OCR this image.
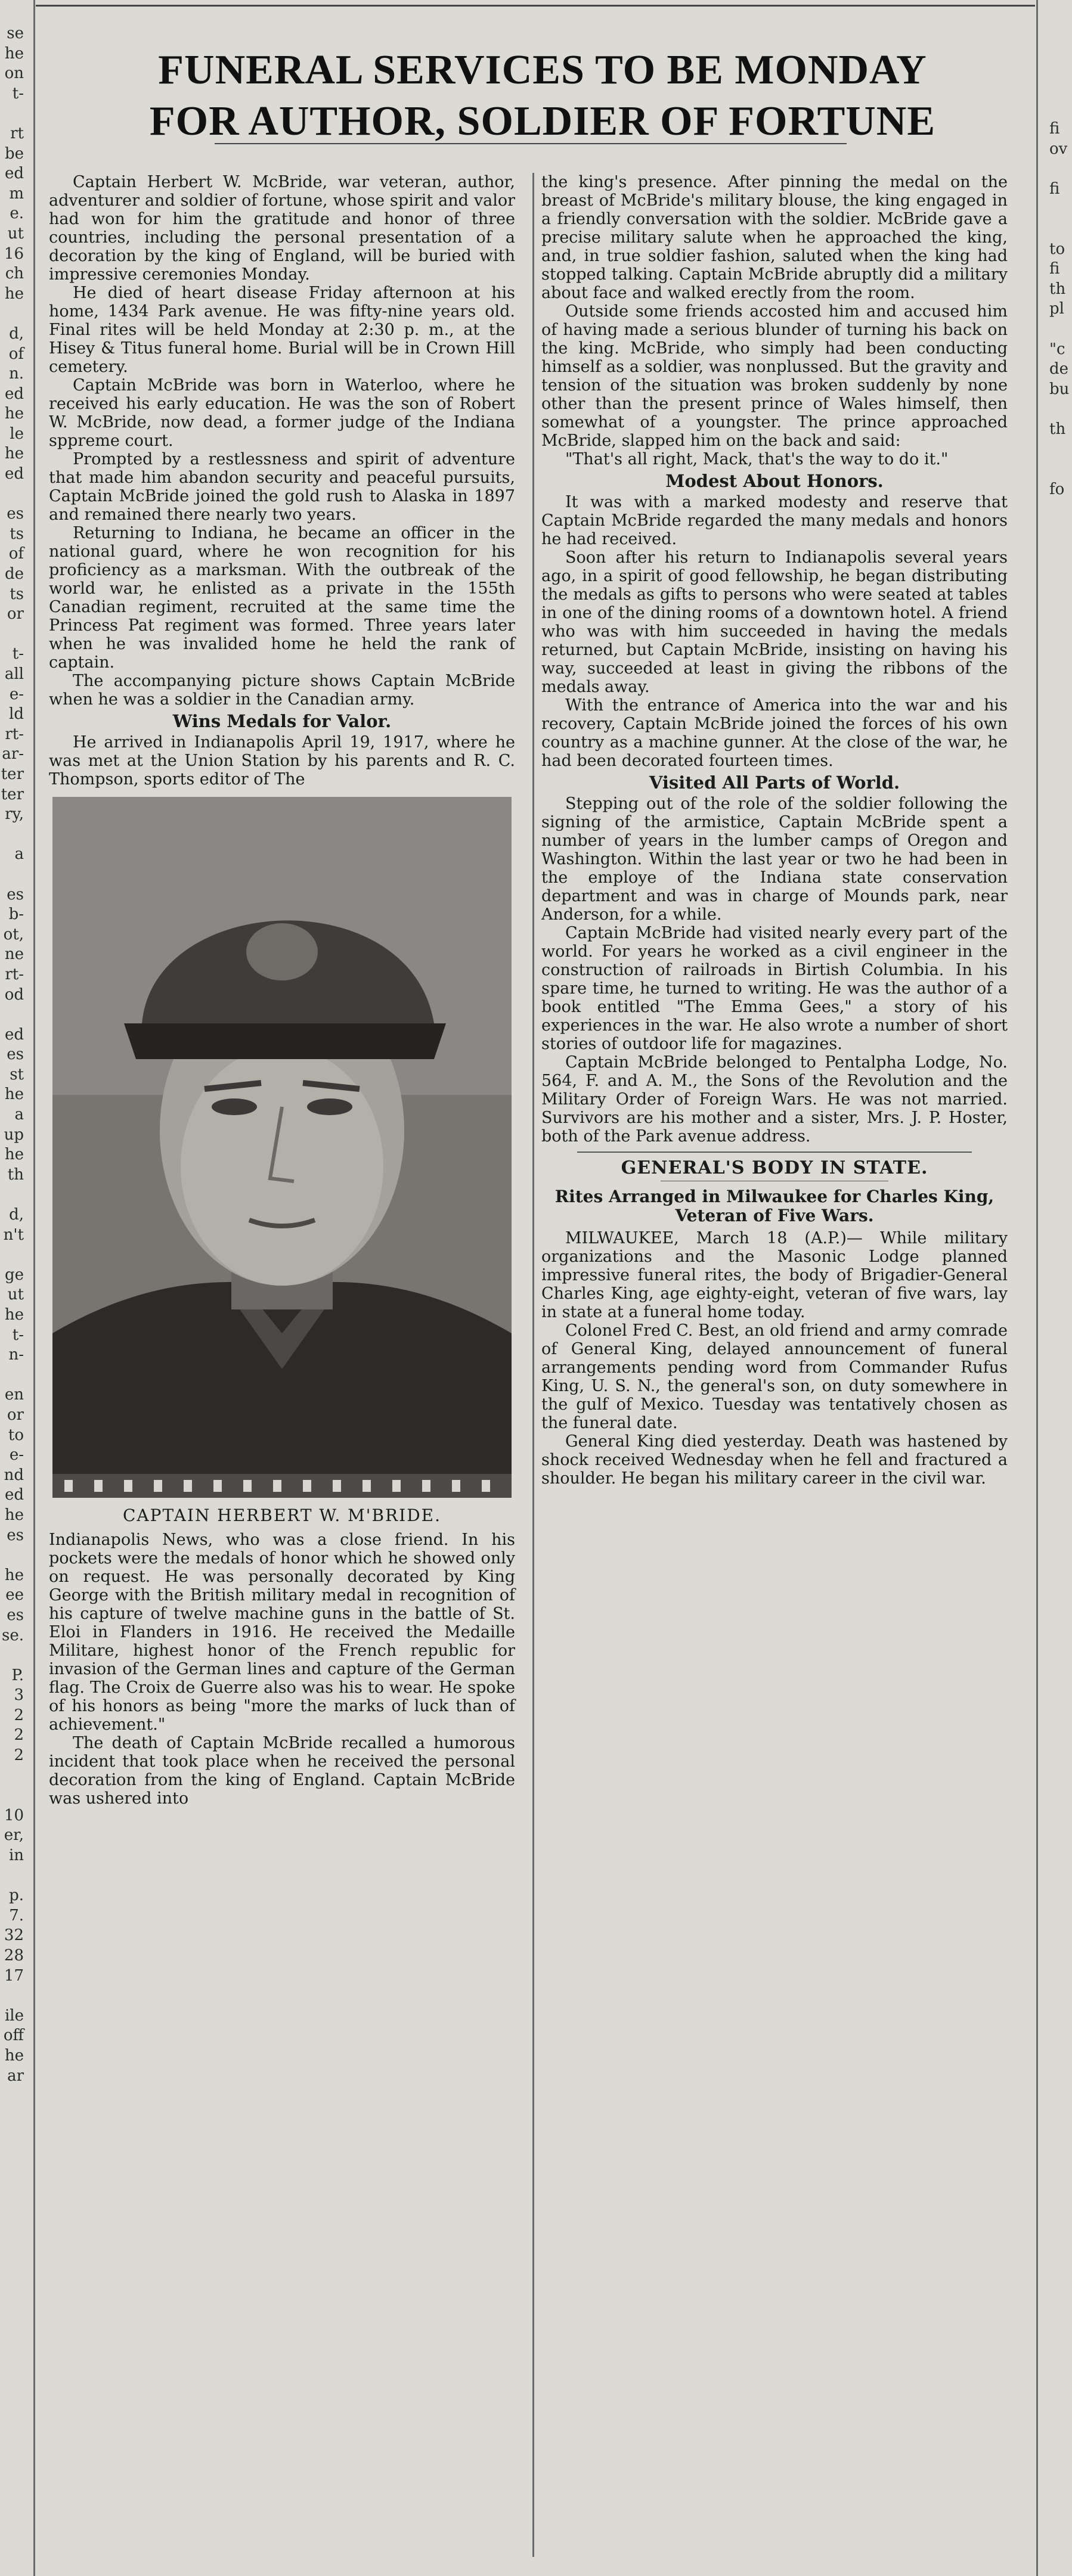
se
he
on
t-

rt
be
ed
m
e.
ut
16
ch
he

d,
of
n.
ed
he
le
he
ed

es
ts
of
de
ts
or

t-
all
e-
ld
rt-
ar-
ter
ter
ry,

a

es
b-
ot,
ne
rt-
od

ed
es
st
he
a
up
he
th

d,
n't

ge
ut
he
t-
n-

en
or
to
e-
nd
ed
he
es

he
ee
es
se.

P.
3
2
2
2

10
er,
in

p.
7.
32
28
17

ile
off
he
ar
fi
ov

fi

to
fi
th
pl

"c
de
bu

th

fo
FUNERAL SERVICES TO BE MONDAY
FOR AUTHOR, SOLDIER OF FORTUNE

Captain Herbert W. McBride, war veteran, author, adventurer and soldier of fortune, whose spirit and valor had won for him the gratitude and honor of three countries, including the personal presentation of a decoration by the king of England, will be buried with impressive ceremonies Monday.

He died of heart disease Friday afternoon at his home, 1434 Park avenue. He was fifty-nine years old. Final rites will be held Monday at 2:30 p. m., at the Hisey & Titus funeral home. Burial will be in Crown Hill cemetery.

Captain McBride was born in Waterloo, where he received his early education. He was the son of Robert W. McBride, now dead, a former judge of the Indiana sppreme court.

Prompted by a restlessness and spirit of adventure that made him abandon security and peaceful pursuits, Captain McBride joined the gold rush to Alaska in 1897 and remained there nearly two years.

Returning to Indiana, he became an officer in the national guard, where he won recognition for his proficiency as a marksman. With the outbreak of the world war, he enlisted as a private in the 155th Canadian regiment, recruited at the same time the Princess Pat regiment was formed. Three years later when he was invalided home he held the rank of captain.

The accompanying picture shows Captain McBride when he was a soldier in the Canadian army.

Wins Medals for Valor.

He arrived in Indianapolis April 19, 1917, where he was met at the Union Station by his parents and R. C. Thompson, sports editor of The

CAPTAIN HERBERT W. M'BRIDE.

Indianapolis News, who was a close friend. In his pockets were the medals of honor which he showed only on request. He was personally decorated by King George with the British military medal in recognition of his capture of twelve machine guns in the battle of St. Eloi in Flanders in 1916. He received the Medaille Militare, highest honor of the French republic for invasion of the German lines and capture of the German flag. The Croix de Guerre also was his to wear. He spoke of his honors as being "more the marks of luck than of achievement."

The death of Captain McBride recalled a humorous incident that took place when he received the personal decoration from the king of England. Captain McBride was ushered into

the king's presence. After pinning the medal on the breast of McBride's military blouse, the king engaged in a friendly conversation with the soldier. McBride gave a precise military salute when he approached the king, and, in true soldier fashion, saluted when the king had stopped talking. Captain McBride abruptly did a military about face and walked erectly from the room.

Outside some friends accosted him and accused him of having made a serious blunder of turning his back on the king. McBride, who simply had been conducting himself as a soldier, was nonplussed. But the gravity and tension of the situation was broken suddenly by none other than the present prince of Wales himself, then somewhat of a youngster. The prince approached McBride, slapped him on the back and said:

"That's all right, Mack, that's the way to do it."

Modest About Honors.

It was with a marked modesty and reserve that Captain McBride regarded the many medals and honors he had received.

Soon after his return to Indianapolis several years ago, in a spirit of good fellowship, he began distributing the medals as gifts to persons who were seated at tables in one of the dining rooms of a downtown hotel. A friend who was with him succeeded in having the medals returned, but Captain McBride, insisting on having his way, succeeded at least in giving the ribbons of the medals away.

With the entrance of America into the war and his recovery, Captain McBride joined the forces of his own country as a machine gunner. At the close of the war, he had been decorated fourteen times.

Visited All Parts of World.

Stepping out of the role of the soldier following the signing of the armistice, Captain McBride spent a number of years in the lumber camps of Oregon and Washington. Within the last year or two he had been in the employe of the Indiana state conservation department and was in charge of Mounds park, near Anderson, for a while.

Captain McBride had visited nearly every part of the world. For years he worked as a civil engineer in the construction of railroads in Birtish Columbia. In his spare time, he turned to writing. He was the author of a book entitled "The Emma Gees," a story of his experiences in the war. He also wrote a number of short stories of outdoor life for magazines.

Captain McBride belonged to Pentalpha Lodge, No. 564, F. and A. M., the Sons of the Revolution and the Military Order of Foreign Wars. He was not married. Survivors are his mother and a sister, Mrs. J. P. Hoster, both of the Park avenue address.

GENERAL'S BODY IN STATE.
Rites Arranged in Milwaukee for Charles King, Veteran of Five Wars.

MILWAUKEE, March 18 (A.P.)— While military organizations and the Masonic Lodge planned impressive funeral rites, the body of Brigadier-General Charles King, age eighty-eight, veteran of five wars, lay in state at a funeral home today.

Colonel Fred C. Best, an old friend and army comrade of General King, delayed announcement of funeral arrangements pending word from Commander Rufus King, U. S. N., the general's son, on duty somewhere in the gulf of Mexico. Tuesday was tentatively chosen as the funeral date.

General King died yesterday. Death was hastened by shock received Wednesday when he fell and fractured a shoulder. He began his military career in the civil war.
